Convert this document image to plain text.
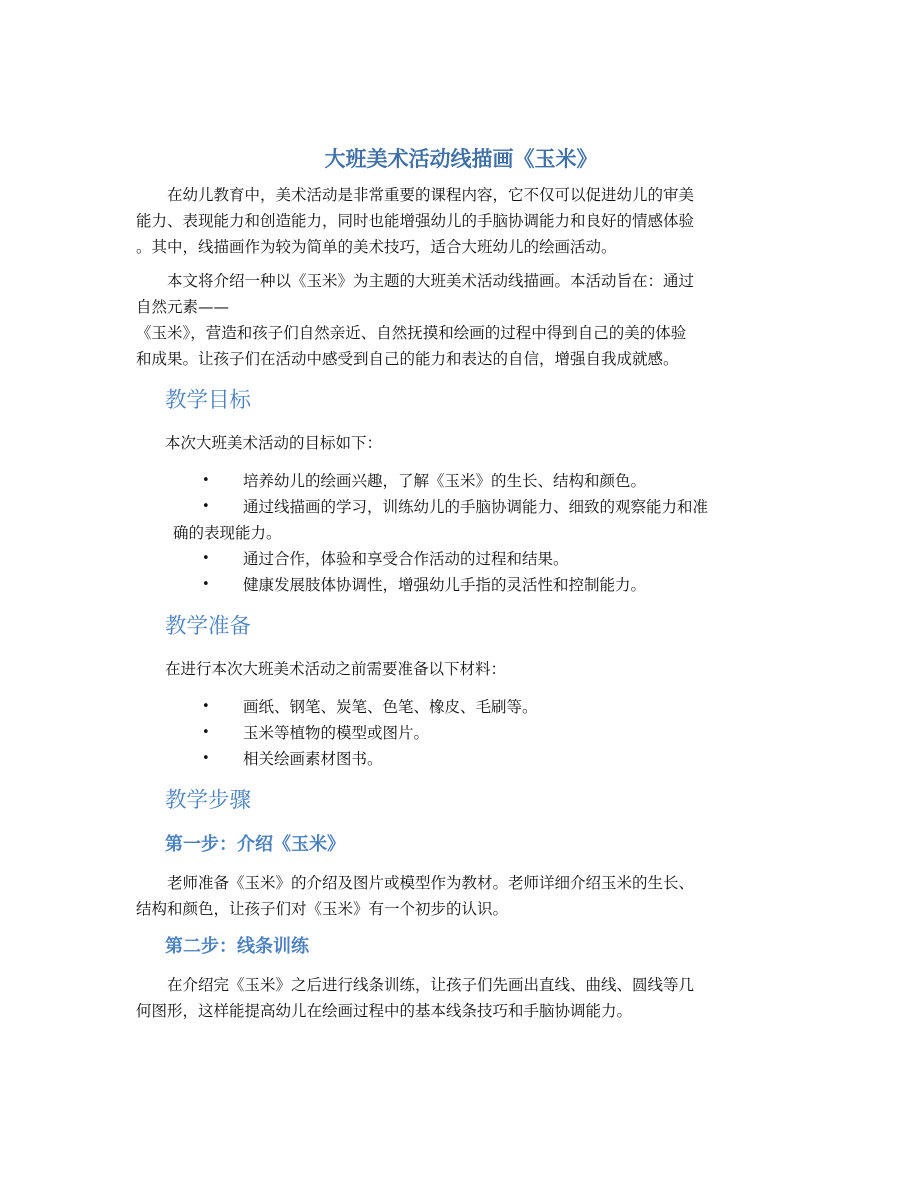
大班美术活动线描画《玉米》
在幼儿教育中，美术活动是非常重要的课程内容，它不仅可以促进幼儿的审美
能力、表现能力和创造能力，同时也能增强幼儿的手脑协调能力和良好的情感体验
。其中，线描画作为较为简单的美术技巧，适合大班幼儿的绘画活动。
本文将介绍一种以《玉米》为主题的大班美术活动线描画。本活动旨在：通过
自然元素——
《玉米》，营造和孩子们自然亲近、自然抚摸和绘画的过程中得到自己的美的体验
和成果。让孩子们在活动中感受到自己的能力和表达的自信，增强自我成就感。
教学目标
本次大班美术活动的目标如下：
• 培养幼儿的绘画兴趣，了解《玉米》的生长、结构和颜色。
• 通过线描画的学习，训练幼儿的手脑协调能力、细致的观察能力和准
确的表现能力。
• 通过合作，体验和享受合作活动的过程和结果。
• 健康发展肢体协调性，增强幼儿手指的灵活性和控制能力。
教学准备
在进行本次大班美术活动之前需要准备以下材料：
• 画纸、钢笔、炭笔、色笔、橡皮、毛刷等。
• 玉米等植物的模型或图片。
• 相关绘画素材图书。
教学步骤
第一步：介绍《玉米》
老师准备《玉米》的介绍及图片或模型作为教材。老师详细介绍玉米的生长、
结构和颜色，让孩子们对《玉米》有一个初步的认识。
第二步：线条训练
在介绍完《玉米》之后进行线条训练，让孩子们先画出直线、曲线、圆线等几
何图形，这样能提高幼儿在绘画过程中的基本线条技巧和手脑协调能力。
